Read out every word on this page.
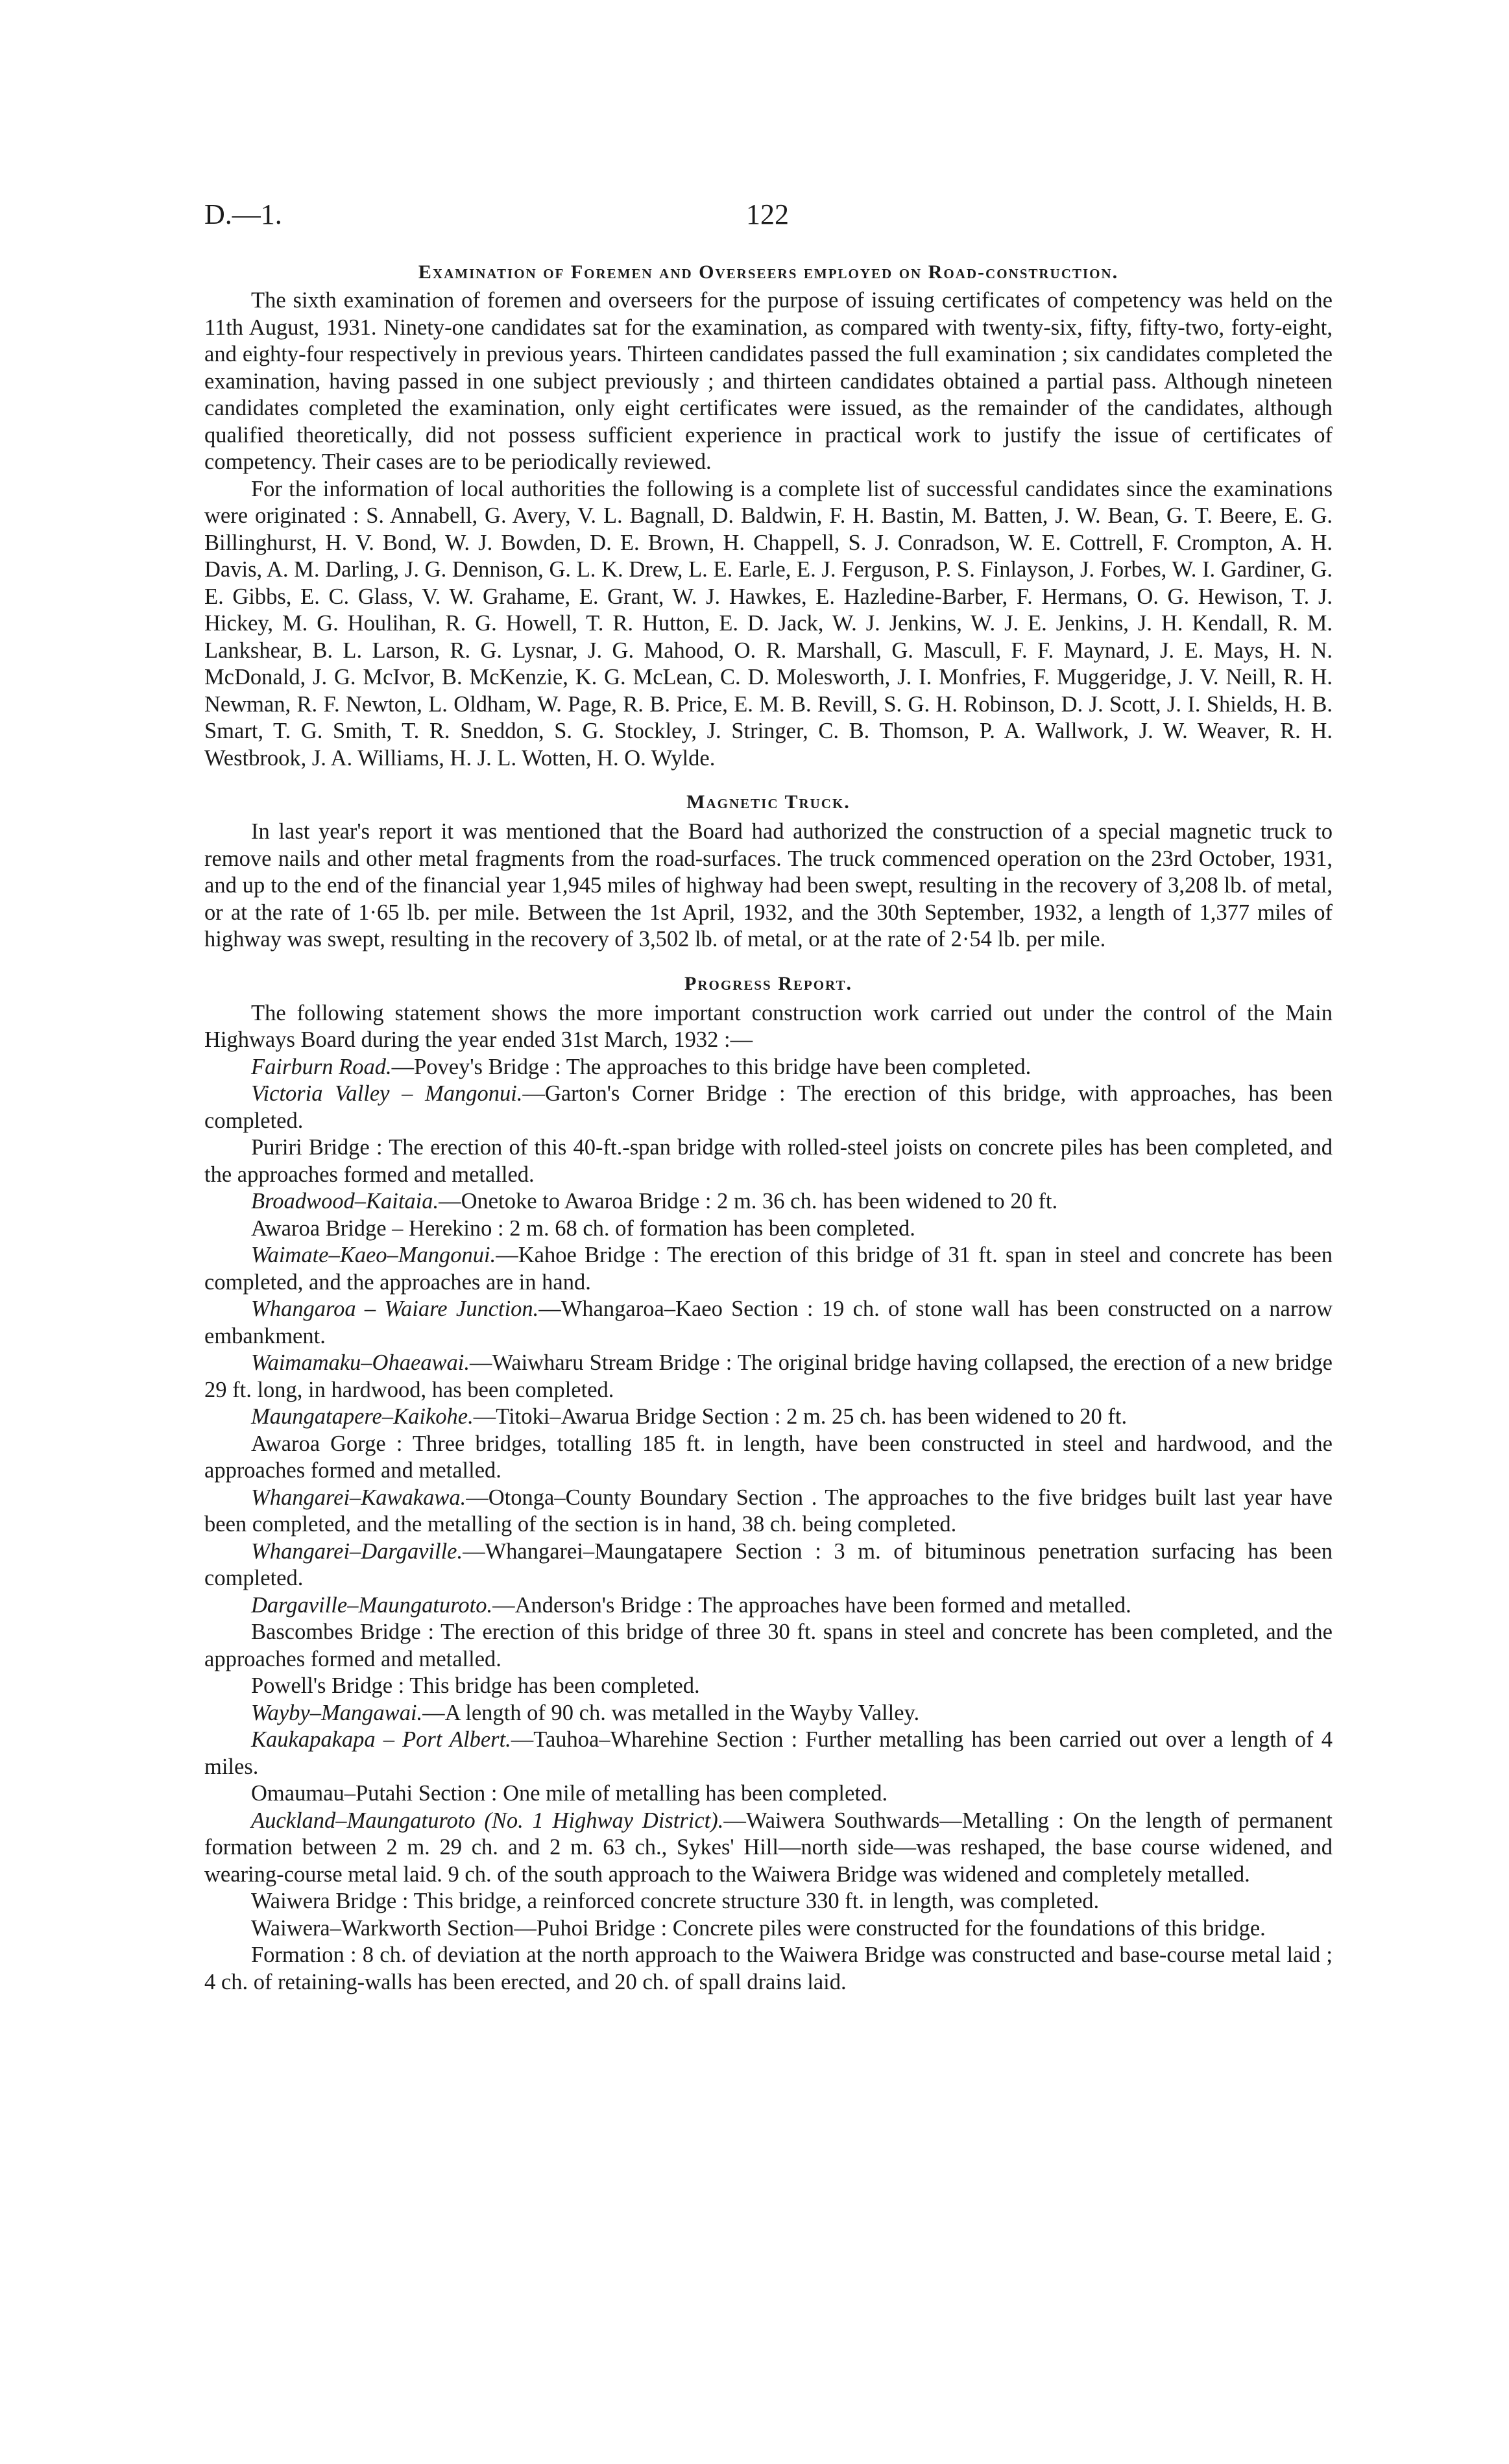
D.—1.	122
Examination of Foremen and Overseers employed on Road-construction.

The sixth examination of foremen and overseers for the purpose of issuing certificates of competency was held on the 11th August, 1931. Ninety-one candidates sat for the examination, as compared with twenty-six, fifty, fifty-two, forty-eight, and eighty-four respectively in previous years. Thirteen candidates passed the full examination ; six candidates completed the examination, having passed in one subject previously ; and thirteen candidates obtained a partial pass. Although nineteen candidates completed the examination, only eight certificates were issued, as the remainder of the candidates, although qualified theoretically, did not possess sufficient experience in practical work to justify the issue of certificates of competency. Their cases are to be periodically reviewed.

For the information of local authorities the following is a complete list of successful candidates since the examinations were originated : S. Annabell, G. Avery, V. L. Bagnall, D. Baldwin, F. H. Bastin, M. Batten, J. W. Bean, G. T. Beere, E. G. Billinghurst, H. V. Bond, W. J. Bowden, D. E. Brown, H. Chappell, S. J. Conradson, W. E. Cottrell, F. Crompton, A. H. Davis, A. M. Darling, J. G. Dennison, G. L. K. Drew, L. E. Earle, E. J. Ferguson, P. S. Finlayson, J. Forbes, W. I. Gardiner, G. E. Gibbs, E. C. Glass, V. W. Grahame, E. Grant, W. J. Hawkes, E. Hazledine-Barber, F. Hermans, O. G. Hewison, T. J. Hickey, M. G. Houlihan, R. G. Howell, T. R. Hutton, E. D. Jack, W. J. Jenkins, W. J. E. Jenkins, J. H. Kendall, R. M. Lankshear, B. L. Larson, R. G. Lysnar, J. G. Mahood, O. R. Marshall, G. Mascull, F. F. Maynard, J. E. Mays, H. N. McDonald, J. G. McIvor, B. McKenzie, K. G. McLean, C. D. Molesworth, J. I. Monfries, F. Muggeridge, J. V. Neill, R. H. Newman, R. F. Newton, L. Oldham, W. Page, R. B. Price, E. M. B. Revill, S. G. H. Robinson, D. J. Scott, J. I. Shields, H. B. Smart, T. G. Smith, T. R. Sneddon, S. G. Stockley, J. Stringer, C. B. Thomson, P. A. Wallwork, J. W. Weaver, R. H. Westbrook, J. A. Williams, H. J. L. Wotten, H. O. Wylde.

Magnetic Truck.

In last year's report it was mentioned that the Board had authorized the construction of a special magnetic truck to remove nails and other metal fragments from the road-surfaces. The truck commenced operation on the 23rd October, 1931, and up to the end of the financial year 1,945 miles of highway had been swept, resulting in the recovery of 3,208 lb. of metal, or at the rate of 1·65 lb. per mile. Between the 1st April, 1932, and the 30th September, 1932, a length of 1,377 miles of highway was swept, resulting in the recovery of 3,502 lb. of metal, or at the rate of 2·54 lb. per mile.

Progress Report.

The following statement shows the more important construction work carried out under the control of the Main Highways Board during the year ended 31st March, 1932 :—

Fairburn Road.—Povey's Bridge : The approaches to this bridge have been completed.

Victoria Valley – Mangonui.—Garton's Corner Bridge : The erection of this bridge, with approaches, has been completed.

Puriri Bridge : The erection of this 40-ft.-span bridge with rolled-steel joists on concrete piles has been completed, and the approaches formed and metalled.

Broadwood–Kaitaia.—Onetoke to Awaroa Bridge : 2 m. 36 ch. has been widened to 20 ft.

Awaroa Bridge – Herekino : 2 m. 68 ch. of formation has been completed.

Waimate–Kaeo–Mangonui.—Kahoe Bridge : The erection of this bridge of 31 ft. span in steel and concrete has been completed, and the approaches are in hand.

Whangaroa – Waiare Junction.—Whangaroa–Kaeo Section : 19 ch. of stone wall has been constructed on a narrow embankment.

Waimamaku–Ohaeawai.—Waiwharu Stream Bridge : The original bridge having collapsed, the erection of a new bridge 29 ft. long, in hardwood, has been completed.

Maungatapere–Kaikohe.—Titoki–Awarua Bridge Section : 2 m. 25 ch. has been widened to 20 ft.

Awaroa Gorge : Three bridges, totalling 185 ft. in length, have been constructed in steel and hardwood, and the approaches formed and metalled.

Whangarei–Kawakawa.—Otonga–County Boundary Section . The approaches to the five bridges built last year have been completed, and the metalling of the section is in hand, 38 ch. being completed.

Whangarei–Dargaville.—Whangarei–Maungatapere Section : 3 m. of bituminous penetration surfacing has been completed.

Dargaville–Maungaturoto.—Anderson's Bridge : The approaches have been formed and metalled.

Bascombes Bridge : The erection of this bridge of three 30 ft. spans in steel and concrete has been completed, and the approaches formed and metalled.

Powell's Bridge : This bridge has been completed.

Wayby–Mangawai.—A length of 90 ch. was metalled in the Wayby Valley.

Kaukapakapa – Port Albert.—Tauhoa–Wharehine Section : Further metalling has been carried out over a length of 4 miles.

Omaumau–Putahi Section : One mile of metalling has been completed.

Auckland–Maungaturoto (No. 1 Highway District).—Waiwera Southwards—Metalling : On the length of permanent formation between 2 m. 29 ch. and 2 m. 63 ch., Sykes' Hill—north side—was reshaped, the base course widened, and wearing-course metal laid. 9 ch. of the south approach to the Waiwera Bridge was widened and completely metalled.

Waiwera Bridge : This bridge, a reinforced concrete structure 330 ft. in length, was completed.

Waiwera–Warkworth Section—Puhoi Bridge : Concrete piles were constructed for the foundations of this bridge.

Formation : 8 ch. of deviation at the north approach to the Waiwera Bridge was constructed and base-course metal laid ; 4 ch. of retaining-walls has been erected, and 20 ch. of spall drains laid.
